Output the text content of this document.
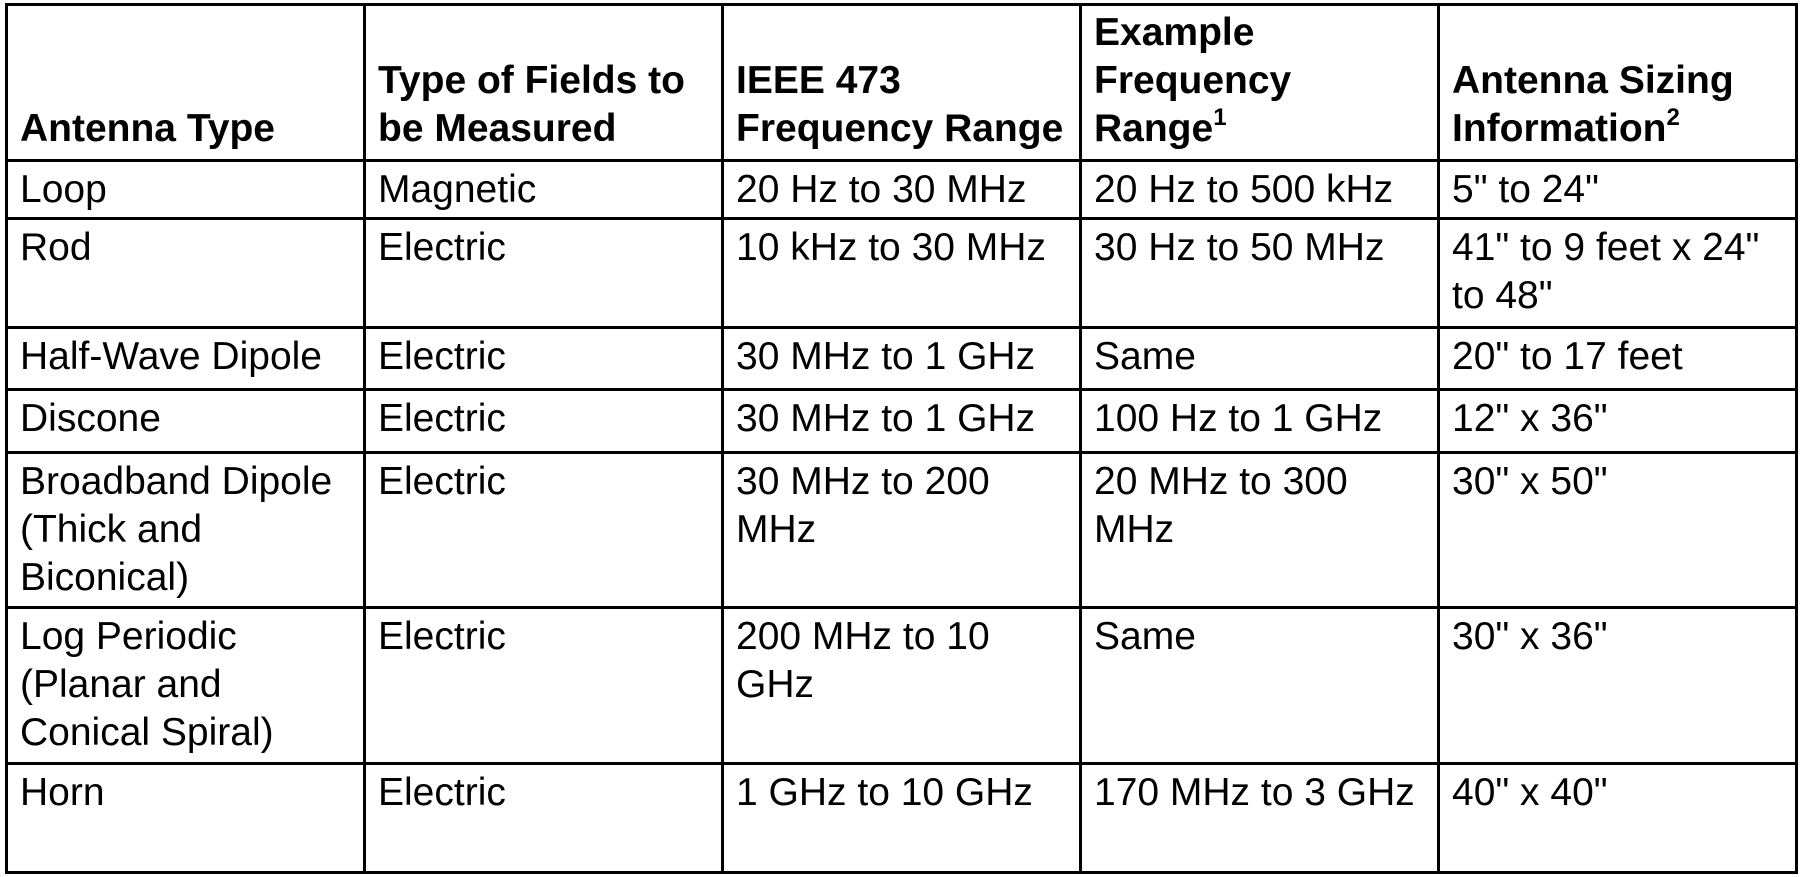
Antenna Type	Type of Fields to be Measured	IEEE 473 Frequency Range	Example Frequency Range$^1$	Antenna Sizing Information$^2$
Loop	Magnetic	20 Hz to 30 MHz	20 Hz to 500 kHz	5" to 24"
Rod	Electric	10 kHz to 30 MHz	30 Hz to 50 MHz	41" to 9 feet x 24" to 48"
Half-Wave Dipole	Electric	30 MHz to 1 GHz	Same	20" to 17 feet
Discone	Electric	30 MHz to 1 GHz	100 Hz to 1 GHz	12" x 36"
Broadband Dipole (Thick and Biconical)	Electric	30 MHz to 200 MHz	20 MHz to 300 MHz	30" x 50"
Log Periodic (Planar and Conical Spiral)	Electric	200 MHz to 10 GHz	Same	30" x 36"
Horn	Electric	1 GHz to 10 GHz	170 MHz to 3 GHz	40" x 40"
